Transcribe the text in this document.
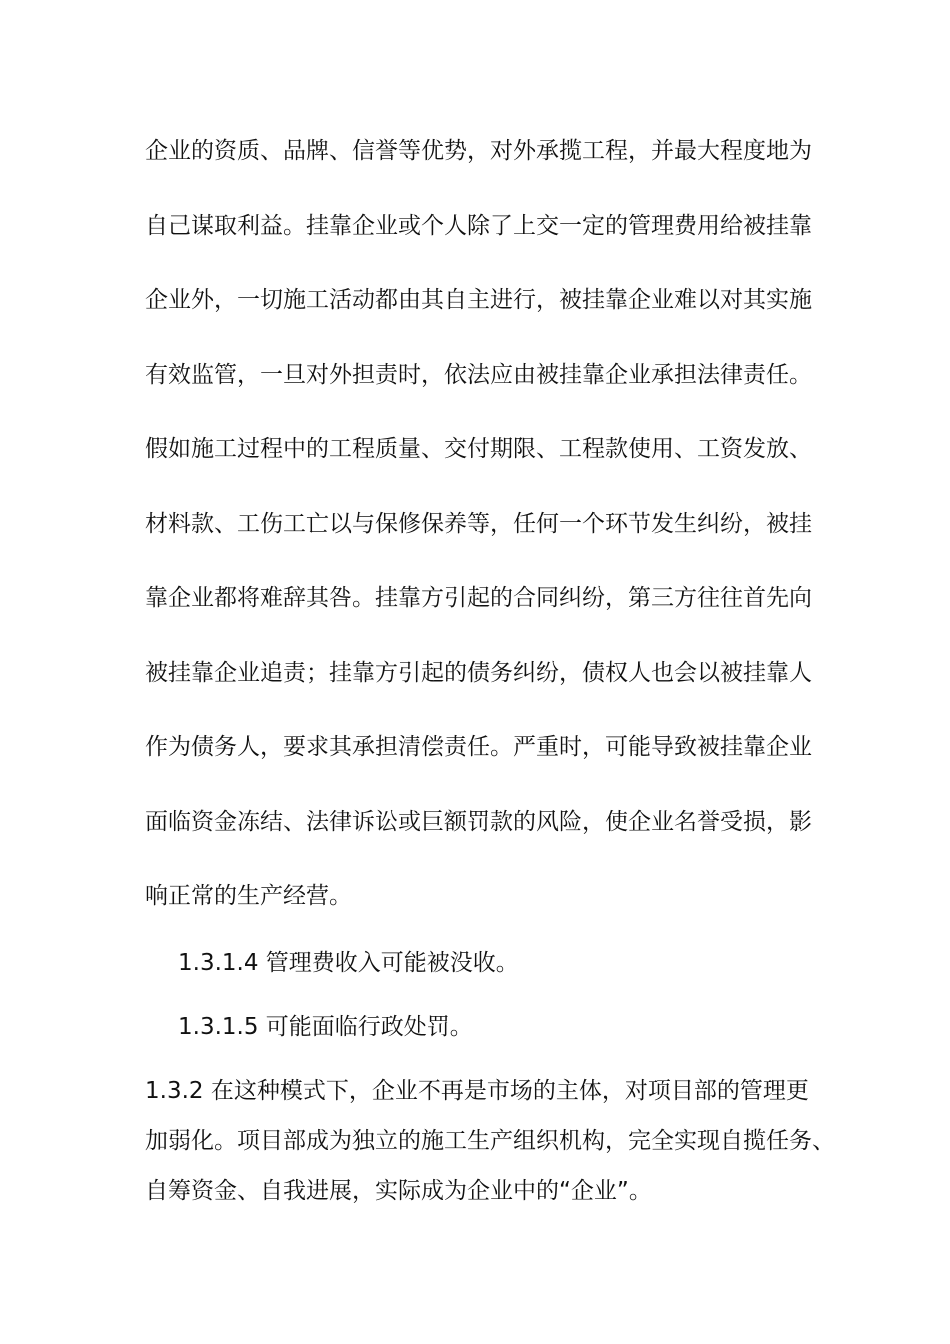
企业的资质、品牌、信誉等优势，对外承揽工程，并最大程度地为
自己谋取利益。挂靠企业或个人除了上交一定的管理费用给被挂靠
企业外，一切施工活动都由其自主进行，被挂靠企业难以对其实施
有效监管，一旦对外担责时，依法应由被挂靠企业承担法律责任。
假如施工过程中的工程质量、交付期限、工程款使用、工资发放、
材料款、工伤工亡以与保修保养等，任何一个环节发生纠纷，被挂
靠企业都将难辞其咎。挂靠方引起的合同纠纷，第三方往往首先向
被挂靠企业追责；挂靠方引起的债务纠纷，债权人也会以被挂靠人
作为债务人，要求其承担清偿责任。严重时，可能导致被挂靠企业
面临资金冻结、法律诉讼或巨额罚款的风险，使企业名誉受损，影
响正常的生产经营。
1.3.1.4 管理费收入可能被没收。
1.3.1.5 可能面临行政处罚。
1.3.2 在这种模式下，企业不再是市场的主体，对项目部的管理更
加弱化。项目部成为独立的施工生产组织机构，完全实现自揽任务、
自筹资金、自我进展，实际成为企业中的“企业”。
